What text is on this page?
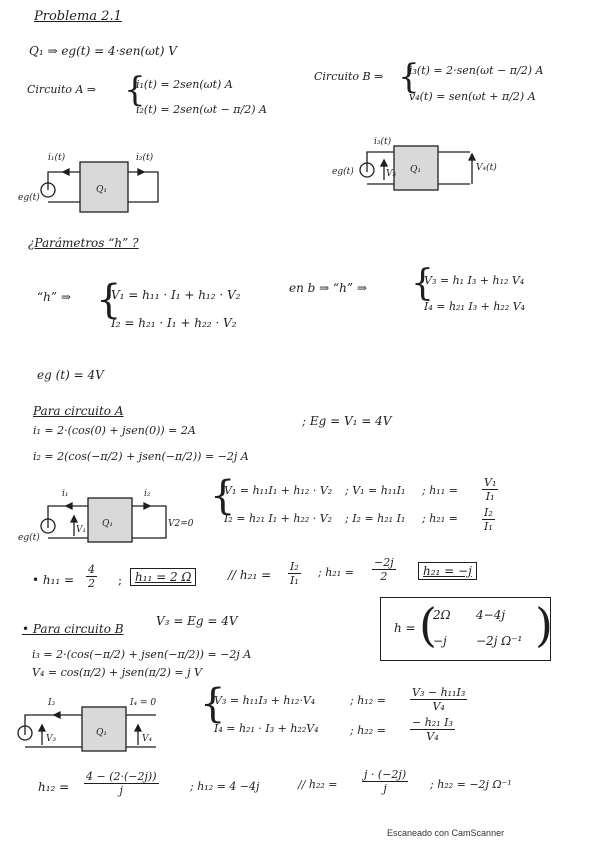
Problema 2.1
Q₁ ⇒ eg(t) = 4·sen(ωt) V
Circuito A ⇒ {
i₁(t) = 2sen(ωt) A
i₂(t) = 2sen(ωt − π/2) A
Circuito B ⇒ {
i₃(t) = 2·sen(ωt − π/2) A
v₄(t) = sen(ωt + π/2) A
i₁(t)	i₂(t)
eg(t)
Q₁
i₃(t)
eg(t)	V₃ Q₁	V₄(t)
¿Parámetros “h” ?
“h” ⇒ {
V₁ = h₁₁ · I₁ + h₁₂ · V₂
I₂ = h₂₁ · I₁ + h₂₂ · V₂
en b ⇒ “h” ⇒ {
V₃ = h₁ I₃ + h₁₂ V₄
I₄ = h₂₁ I₃ + h₂₂ V₄
eg (t) = 4V
Para circuito A
; Eg = V₁ = 4V
i₁ = 2·(cos(0) + jsen(0)) = 2A
i₂ = 2(cos(−π/2) + jsen(−π/2)) = −2j A
i₁	i₂
eg(t)
V₁
Q₁	V2=0
{
V₁ = h₁₁I₁ + h₁₂ · V₂
I₂ = h₂₁ I₁ + h₂₂ · V₂
; V₁ = h₁₁I₁
; I₂ = h₂₁ I₁
; $h_{11} = \frac{\text{V₁}}{\text{I₁}}$
; $h_{21} = \frac{\text{I₂}}{\text{I₁}}$
• $h_{11} = \frac{4}{2}$ ;	h₁₁ = 2 Ω	// $h_{21} = \frac{\text{I₂}}{\text{I₁}}$ ; $h_{21} = \frac{-2j}{2}$	h₂₁ = −j
h = (
2Ω 4−4j
−j −2j Ω⁻¹ )
• Para circuito B
V₃ = Eg = 4V
i₃ = 2·(cos(−π/2) + jsen(−π/2)) = −2j A
V₄ = cos(π/2) + jsen(π/2) = j V
I₃	I₄ = 0
V₃
Q₁
V₄
{
V₃ = h₁₁I₃ + h₁₂·V₄
I₄ = h₂₁ · I₃ + h₂₂V₄
; $h_{12} = \frac{\text{V₃ − h₁₁I₃}}{\text{V₄}}$
; $h_{22} = \frac{\text{− h₂₁ I₃}}{\text{V₄}}$
$h_{12} = \frac{4 - (2\cdot(-2j))}{j}$	; h₁₂ = 4 −4j	// $h_{22} = \frac{j \cdot (-2j)}{j}$ ; h₂₂ = −2j Ω⁻¹
Escaneado con CamScanner
